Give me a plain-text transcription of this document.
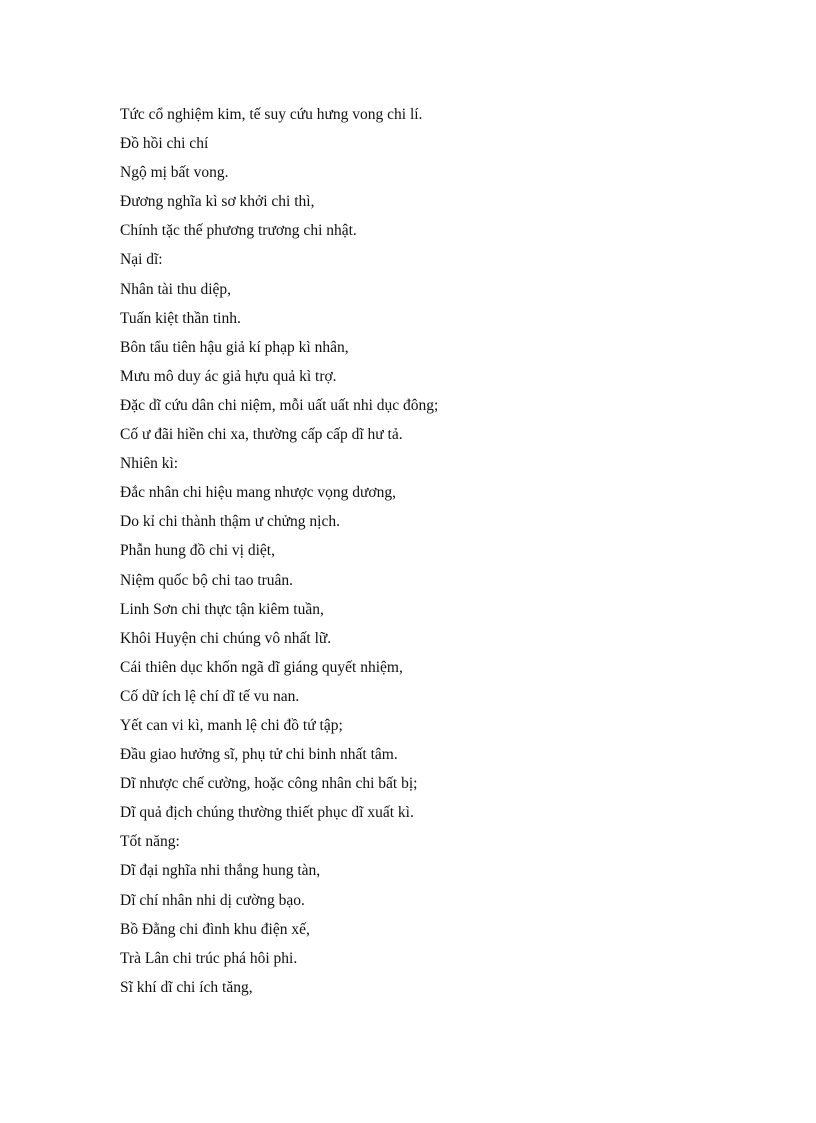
Tức cổ nghiệm kim, tế suy cứu hưng vong chi lí.
Đồ hồi chi chí
Ngộ mị bất vong.
Đương nghĩa kì sơ khởi chi thì,
Chính tặc thế phương trương chi nhật.
Nại dĩ:
Nhân tài thu diệp,
Tuấn kiệt thần tinh.
Bôn tẩu tiên hậu giả kí phạp kì nhân,
Mưu mô duy ác giả hựu quả kì trợ.
Đặc dĩ cứu dân chi niệm, mỗi uất uất nhi dục đông;
Cố ư đãi hiền chi xa, thường cấp cấp dĩ hư tả.
Nhiên kì:
Đắc nhân chi hiệu mang nhược vọng dương,
Do kỉ chi thành thậm ư chửng nịch.
Phẫn hung đồ chi vị diệt,
Niệm quốc bộ chi tao truân.
Linh Sơn chi thực tận kiêm tuần,
Khôi Huyện chi chúng vô nhất lữ.
Cái thiên dục khốn ngã dĩ giáng quyết nhiệm,
Cố dữ ích lệ chí dĩ tế vu nan.
Yết can vi kì, manh lệ chi đồ tứ tập;
Đầu giao hưởng sĩ, phụ tử chi binh nhất tâm.
Dĩ nhược chế cường, hoặc công nhân chi bất bị;
Dĩ quả địch chúng thường thiết phục dĩ xuất kì.
Tốt năng:
Dĩ đại nghĩa nhi thắng hung tàn,
Dĩ chí nhân nhi dị cường bạo.
Bồ Đằng chi đình khu điện xế,
Trà Lân chi trúc phá hôi phi.
Sĩ khí dĩ chi ích tăng,
